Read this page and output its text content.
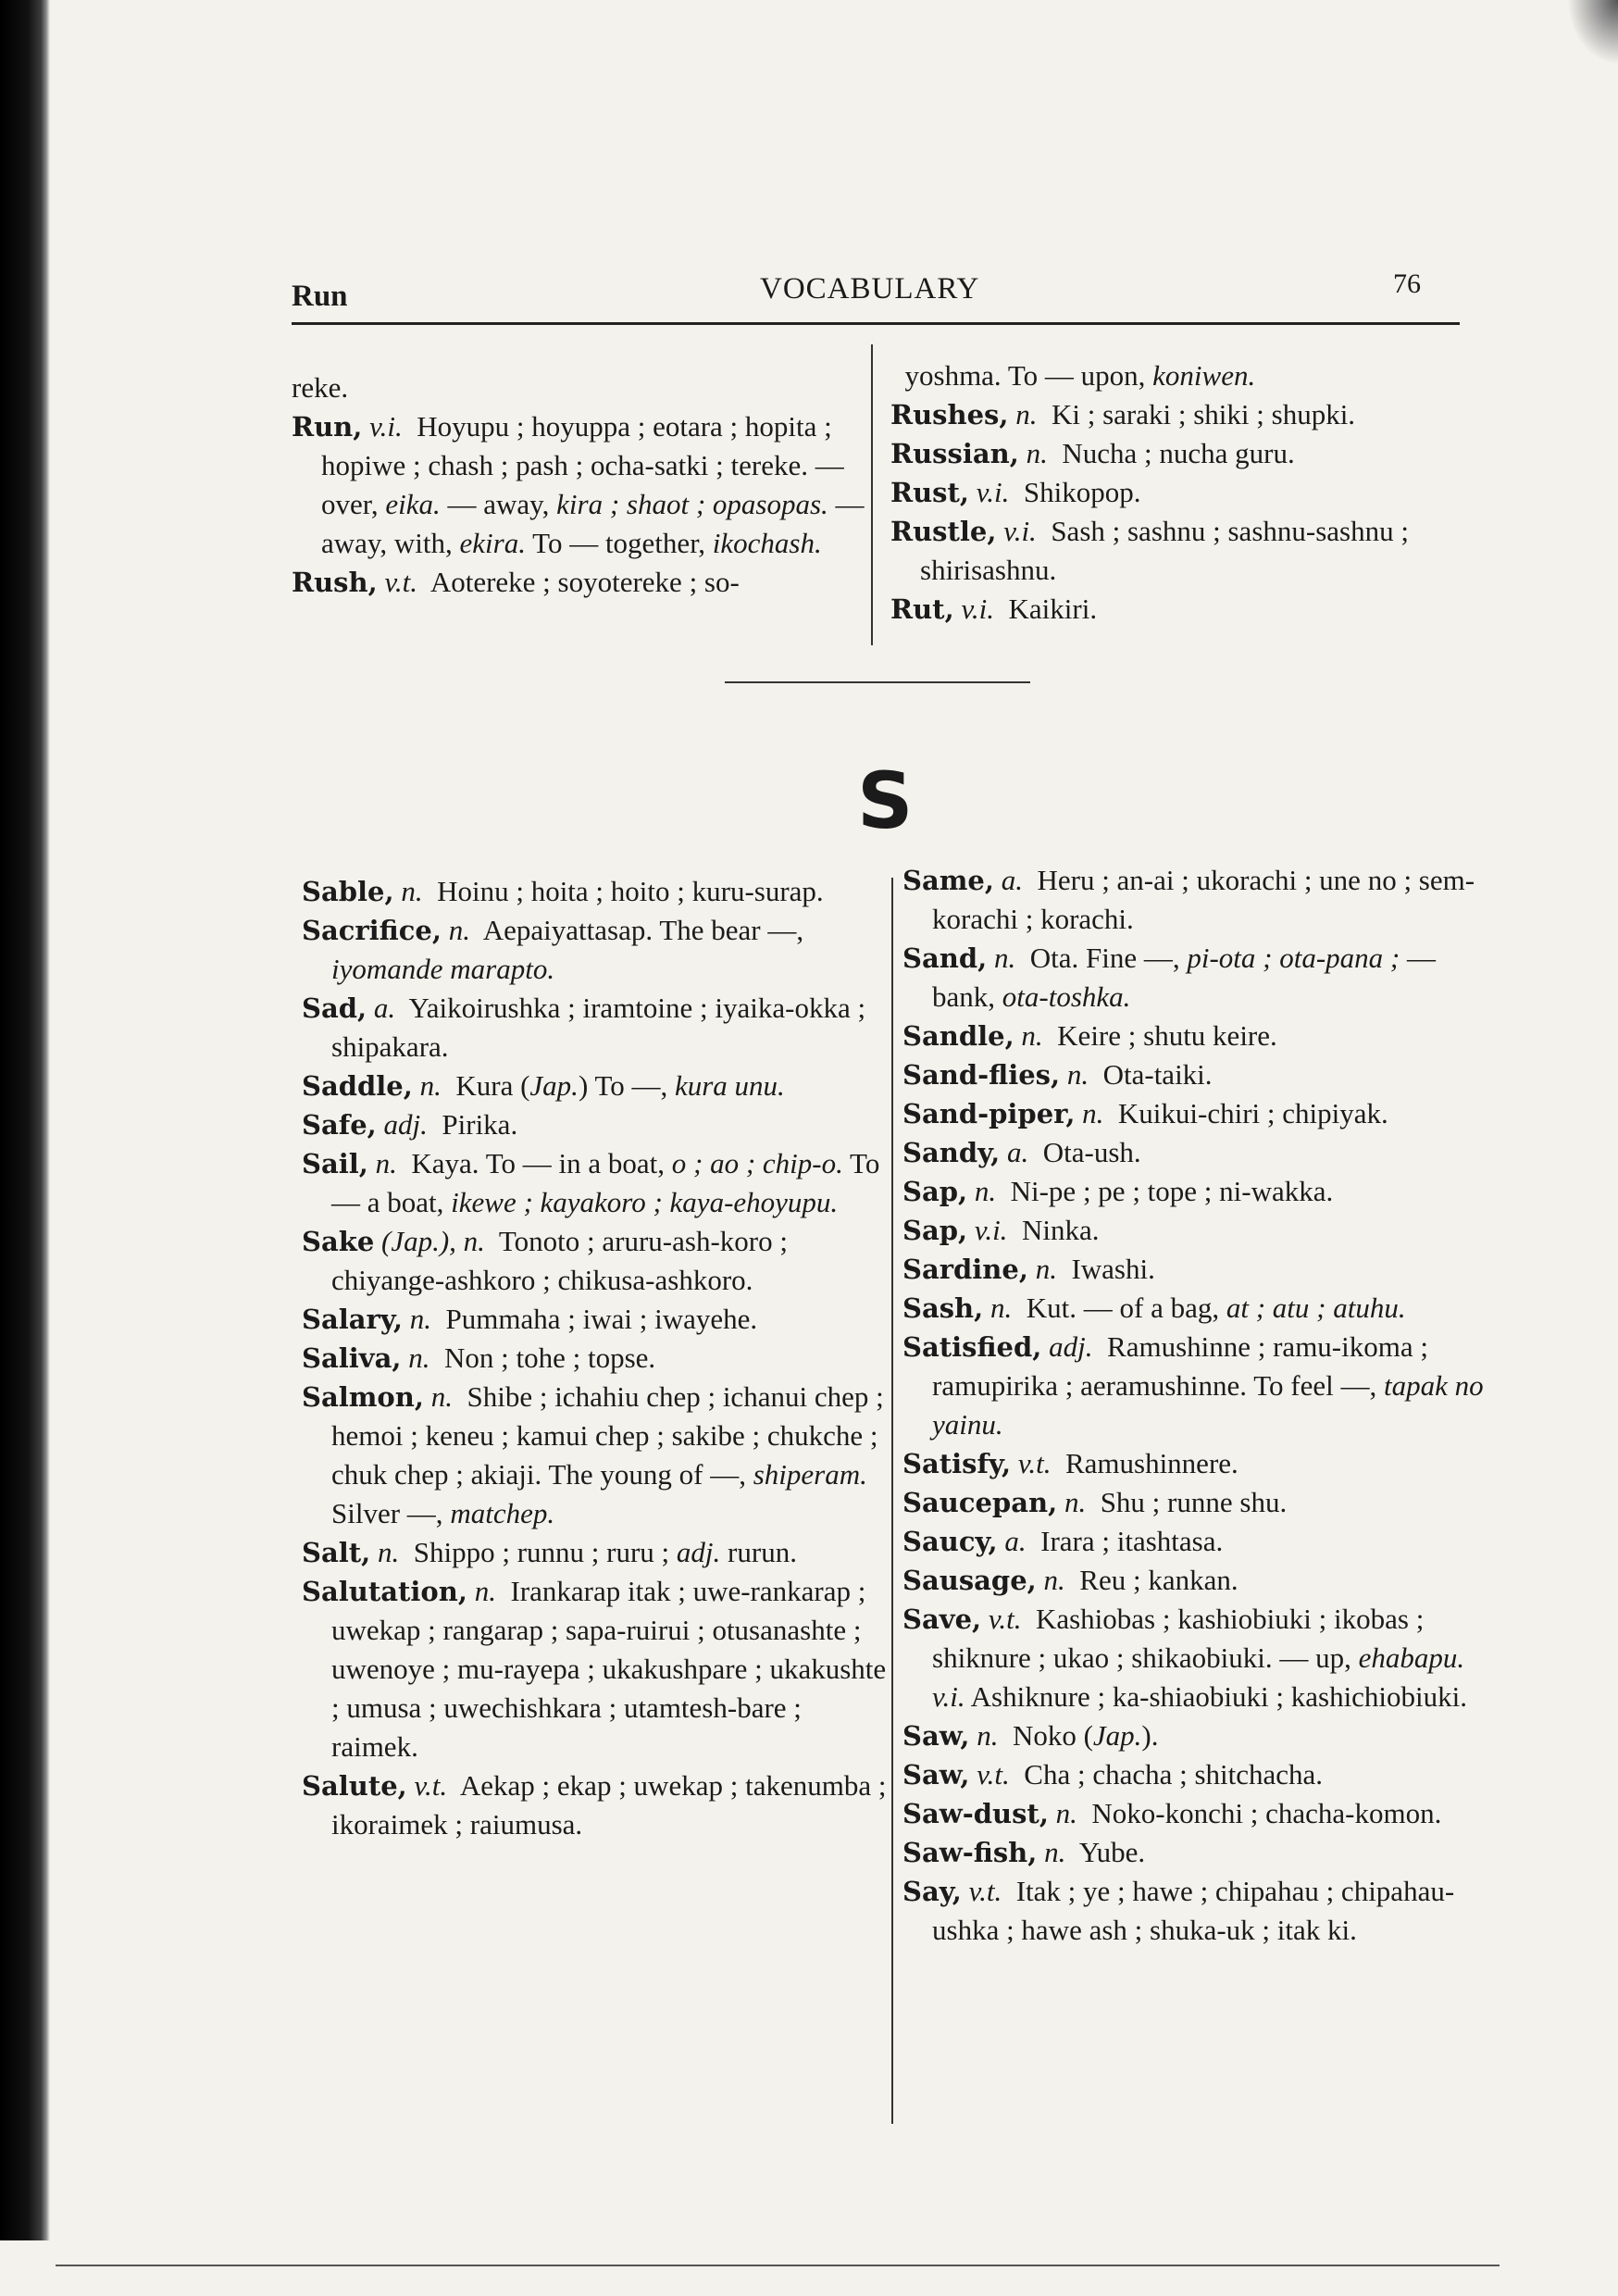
Run	VOCABULARY	76

reke.

Run, v.i. Hoyupu ; hoyuppa ; eotara ; hopita ; hopiwe ; chash ; pash ; ocha-satki ; tereke. — over, eika. — away, kira ; shaot ; opasopas. — away, with, ekira. To — together, ikochash.

Rush, v.t. Aotereke ; soyotereke ; so-

yoshma. To — upon, koniwen.

Rushes, n. Ki ; saraki ; shiki ; shupki.

Russian, n. Nucha ; nucha guru.

Rust, v.i. Shikopop.

Rustle, v.i. Sash ; sashnu ; sashnu-sashnu ; shirisashnu.

Rut, v.i. Kaikiri.

S

Sable, n. Hoinu ; hoita ; hoito ; kuru-surap.

Sacrifice, n. Aepaiyattasap. The bear —, iyomande marapto.

Sad, a. Yaikoirushka ; iramtoine ; iyaika-okka ; shipakara.

Saddle, n. Kura (Jap.) To —, kura unu.

Safe, adj. Pirika.

Sail, n. Kaya. To — in a boat, o ; ao ; chip-o. To — a boat, ikewe ; kayakoro ; kaya-ehoyupu.

Sake (Jap.), n. Tonoto ; aruru-ash-koro ; chiyange-ashkoro ; chikusa-ashkoro.

Salary, n. Pummaha ; iwai ; iwayehe.

Saliva, n. Non ; tohe ; topse.

Salmon, n. Shibe ; ichahiu chep ; ichanui chep ; hemoi ; keneu ; kamui chep ; sakibe ; chukche ; chuk chep ; akiaji. The young of —, shiperam. Silver —, matchep.

Salt, n. Shippo ; runnu ; ruru ; adj. rurun.

Salutation, n. Irankarap itak ; uwe-rankarap ; uwekap ; rangarap ; sapa-ruirui ; otusanashte ; uwenoye ; mu-rayepa ; ukakushpare ; ukakushte ; umusa ; uwechishkara ; utamtesh-bare ; raimek.

Salute, v.t. Aekap ; ekap ; uwekap ; takenumba ; ikoraimek ; raiumusa.

Same, a. Heru ; an-ai ; ukorachi ; une no ; sem-korachi ; korachi.

Sand, n. Ota. Fine —, pi-ota ; ota-pana ; — bank, ota-toshka.

Sandle, n. Keire ; shutu keire.

Sand-flies, n. Ota-taiki.

Sand-piper, n. Kuikui-chiri ; chipiyak.

Sandy, a. Ota-ush.

Sap, n. Ni-pe ; pe ; tope ; ni-wakka.

Sap, v.i. Ninka.

Sardine, n. Iwashi.

Sash, n. Kut. — of a bag, at ; atu ; atuhu.

Satisfied, adj. Ramushinne ; ramu-ikoma ; ramupirika ; aeramushinne. To feel —, tapak no yainu.

Satisfy, v.t. Ramushinnere.

Saucepan, n. Shu ; runne shu.

Saucy, a. Irara ; itashtasa.

Sausage, n. Reu ; kankan.

Save, v.t. Kashiobas ; kashiobiuki ; ikobas ; shiknure ; ukao ; shikaobiuki. — up, ehabapu. v.i. Ashiknure ; ka-shiaobiuki ; kashichiobiuki.

Saw, n. Noko (Jap.).

Saw, v.t. Cha ; chacha ; shitchacha.

Saw-dust, n. Noko-konchi ; chacha-komon.

Saw-fish, n. Yube.

Say, v.t. Itak ; ye ; hawe ; chipahau ; chipahau-ushka ; hawe ash ; shuka-uk ; itak ki.
